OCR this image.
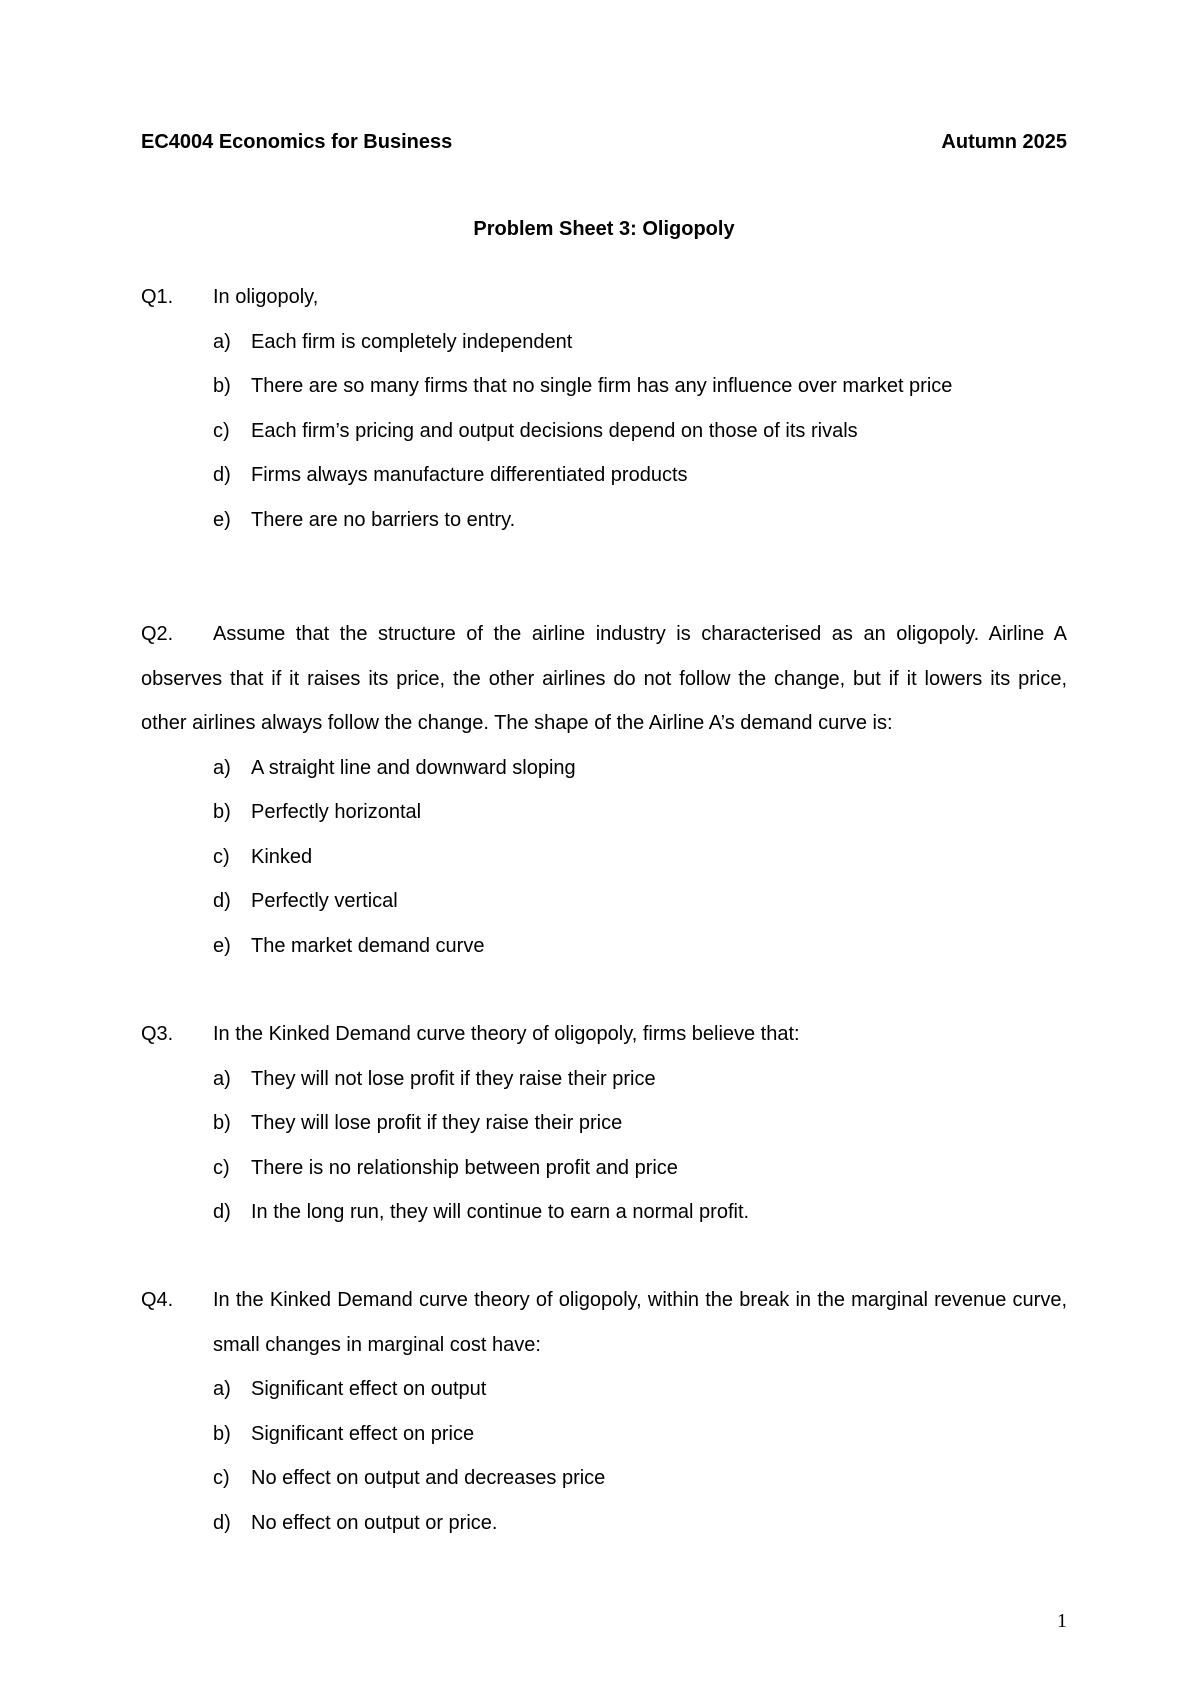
EC4004 Economics for Business	Autumn 2025
Problem Sheet 3: Oligopoly
Q1.	In oligopoly,
a)	Each firm is completely independent
b)	There are so many firms that no single firm has any influence over market price
c)	Each firm’s pricing and output decisions depend on those of its rivals
d)	Firms always manufacture differentiated products
e)	There are no barriers to entry.
Q2. Assume that the structure of the airline industry is characterised as an oligopoly. Airline A observes that if it raises its price, the other airlines do not follow the change, but if it lowers its price, other airlines always follow the change. The shape of the Airline A’s demand curve is:
a)	A straight line and downward sloping
b)	Perfectly horizontal
c)	Kinked
d)	Perfectly vertical
e)	The market demand curve
Q3.	In the Kinked Demand curve theory of oligopoly, firms believe that:
a)	They will not lose profit if they raise their price
b)	They will lose profit if they raise their price
c)	There is no relationship between profit and price
d)	In the long run, they will continue to earn a normal profit.
Q4.	In the Kinked Demand curve theory of oligopoly, within the break in the marginal revenue curve, small changes in marginal cost have:
a)	Significant effect on output
b)	Significant effect on price
c)	No effect on output and decreases price
d)	No effect on output or price.
1
